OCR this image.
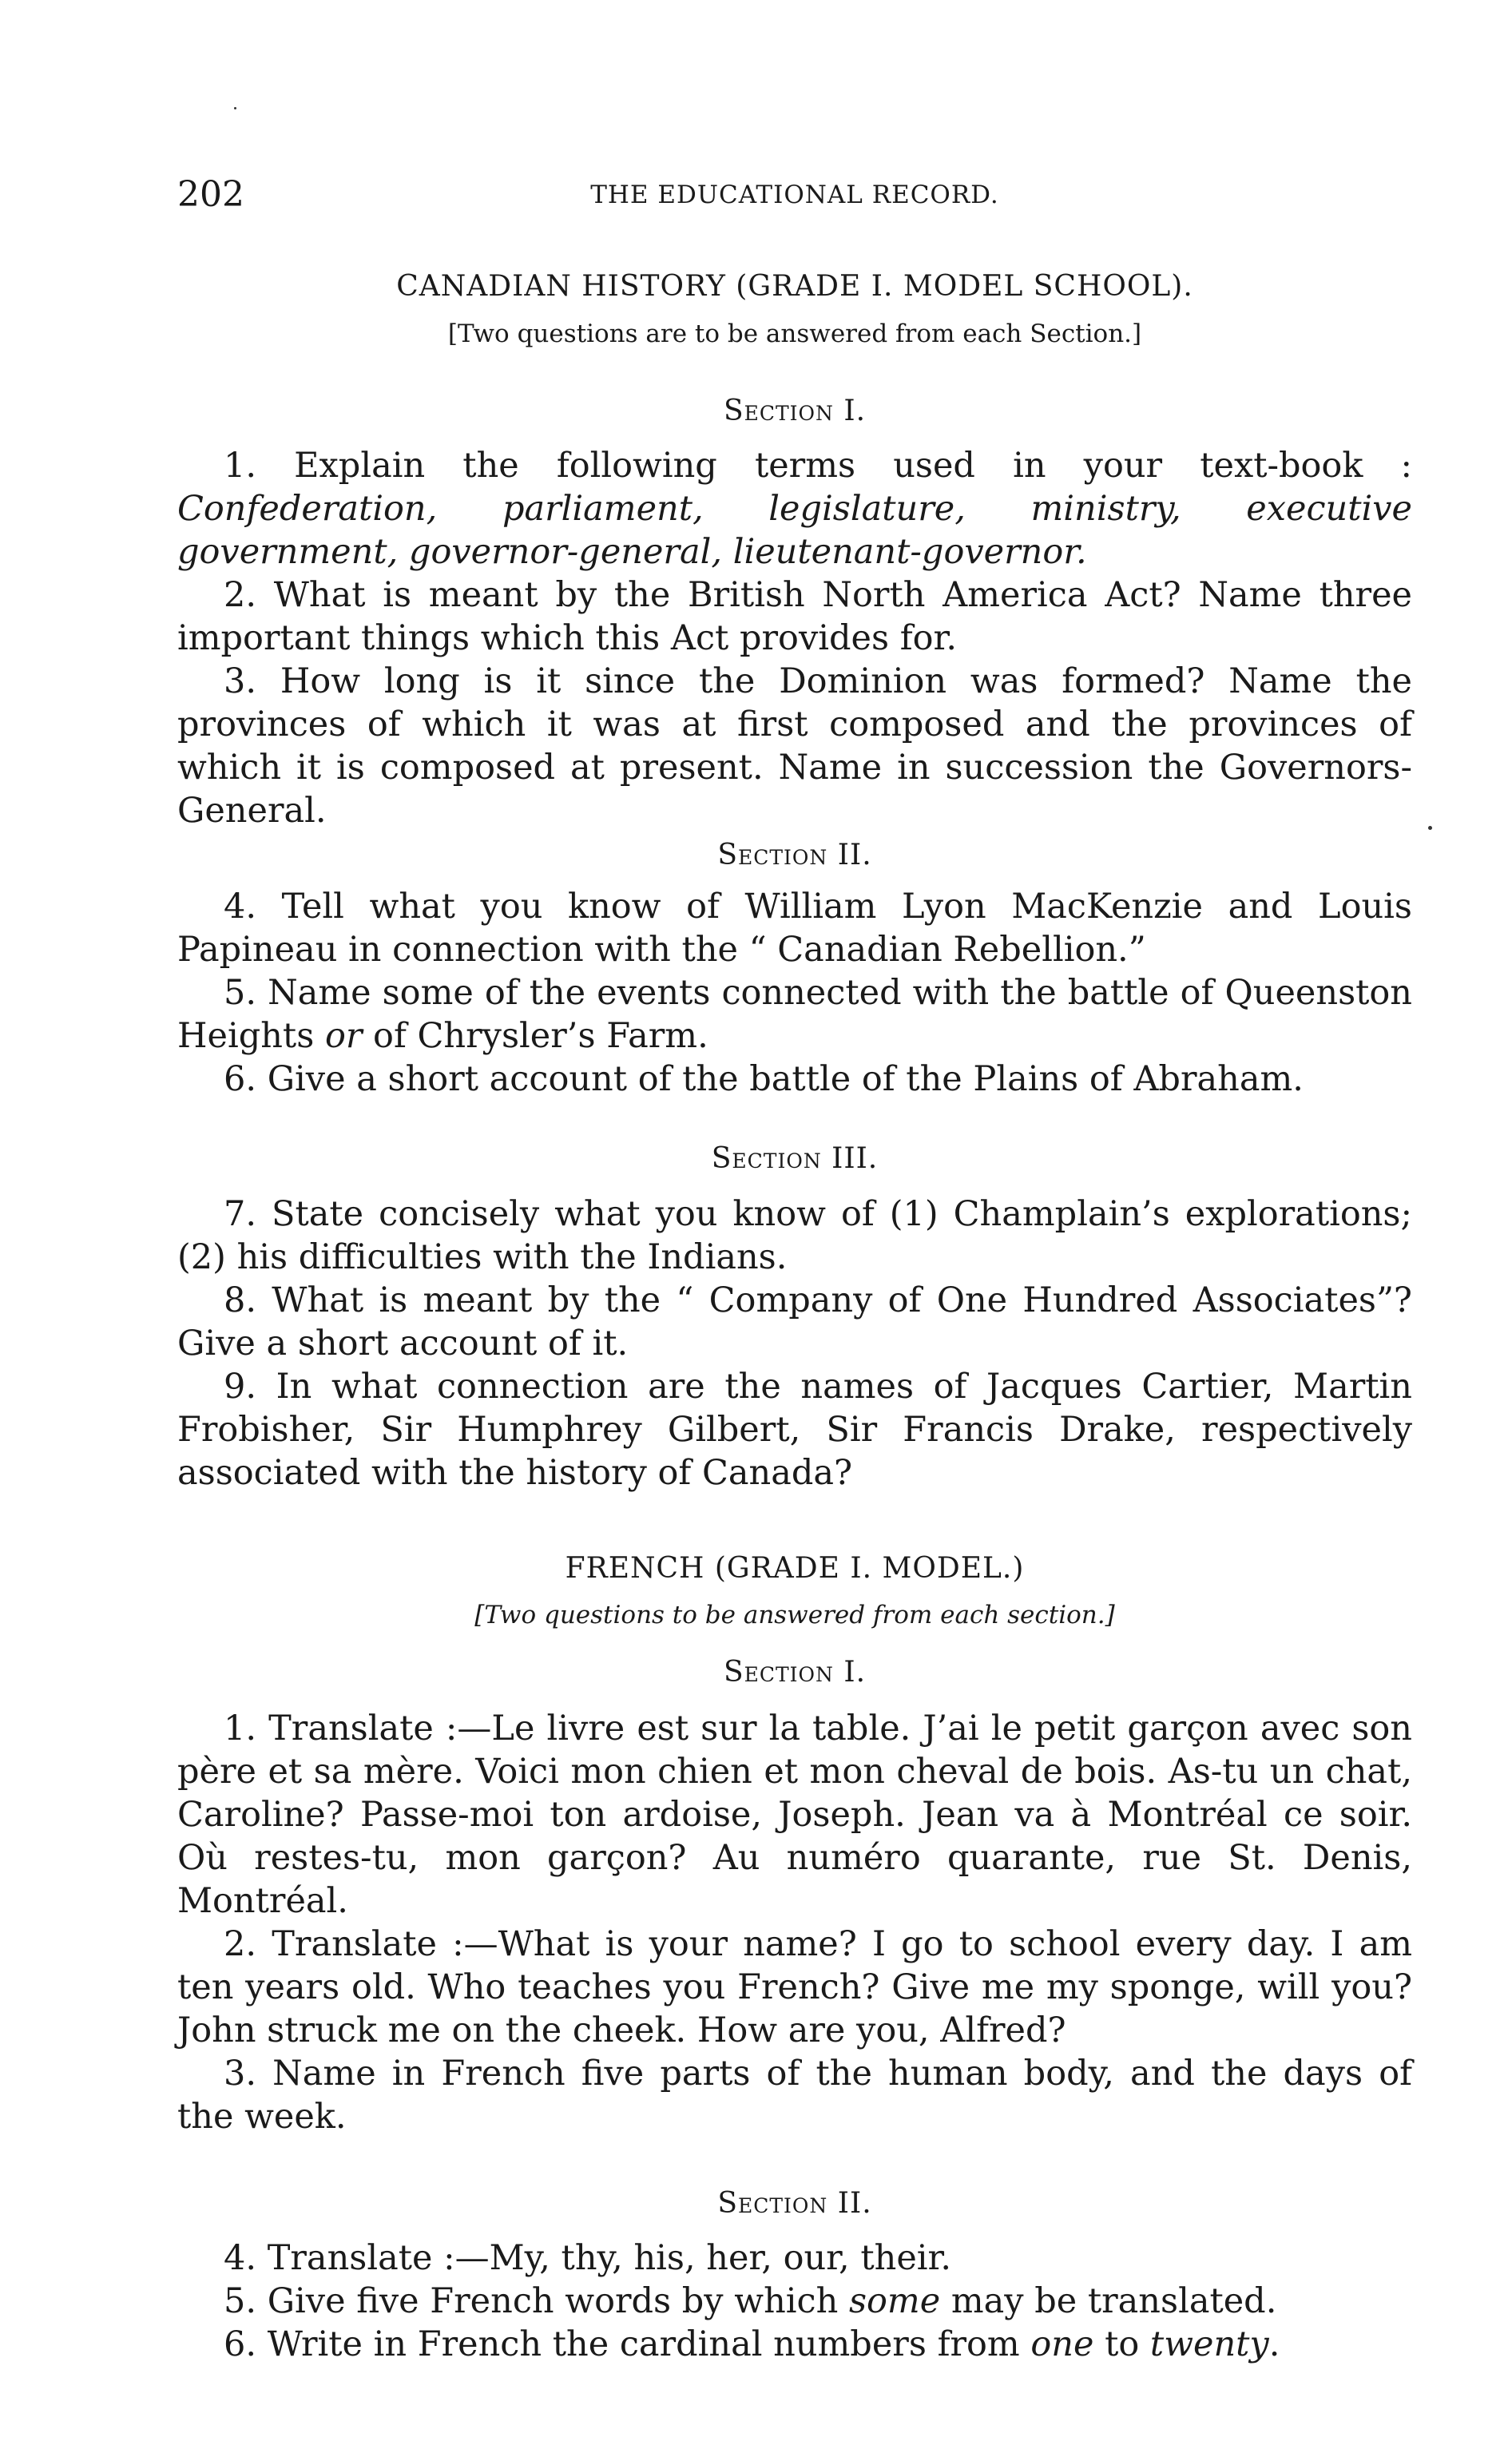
202	THE EDUCATIONAL RECORD.
CANADIAN HISTORY (GRADE I. MODEL SCHOOL).
[Two questions are to be answered from each Section.]
Section I.

1. Explain the following terms used in your text-book : Confederation, parliament, legislature, ministry, executive government, governor-general, lieutenant-governor.

2. What is meant by the British North America Act? Name three important things which this Act provides for.

3. How long is it since the Dominion was formed? Name the provinces of which it was at first composed and the provinces of which it is composed at present. Name in succession the Governors-General.

Section II.

4. Tell what you know of William Lyon MacKenzie and Louis Papineau in connection with the “ Canadian Rebellion.”

5. Name some of the events connected with the battle of Queenston Heights or of Chrysler’s Farm.

6. Give a short account of the battle of the Plains of Abraham.

Section III.

7. State concisely what you know of (1) Champlain’s explorations; (2) his difficulties with the Indians.

8. What is meant by the “ Company of One Hundred Associates”? Give a short account of it.

9. In what connection are the names of Jacques Cartier, Martin Frobisher, Sir Humphrey Gilbert, Sir Francis Drake, respectively associated with the history of Canada?

FRENCH (GRADE I. MODEL.)
[Two questions to be answered from each section.]
Section I.

1. Translate :—Le livre est sur la table. J’ai le petit garçon avec son père et sa mère. Voici mon chien et mon cheval de bois. As-tu un chat, Caroline? Passe-moi ton ardoise, Joseph. Jean va à Montréal ce soir. Où restes-tu, mon garçon? Au numéro quarante, rue St. Denis, Montréal.

2. Translate :—What is your name? I go to school every day. I am ten years old. Who teaches you French? Give me my sponge, will you? John struck me on the cheek. How are you, Alfred?

3. Name in French five parts of the human body, and the days of the week.

Section II.

4. Translate :—My, thy, his, her, our, their.

5. Give five French words by which some may be translated.

6. Write in French the cardinal numbers from one to twenty.
